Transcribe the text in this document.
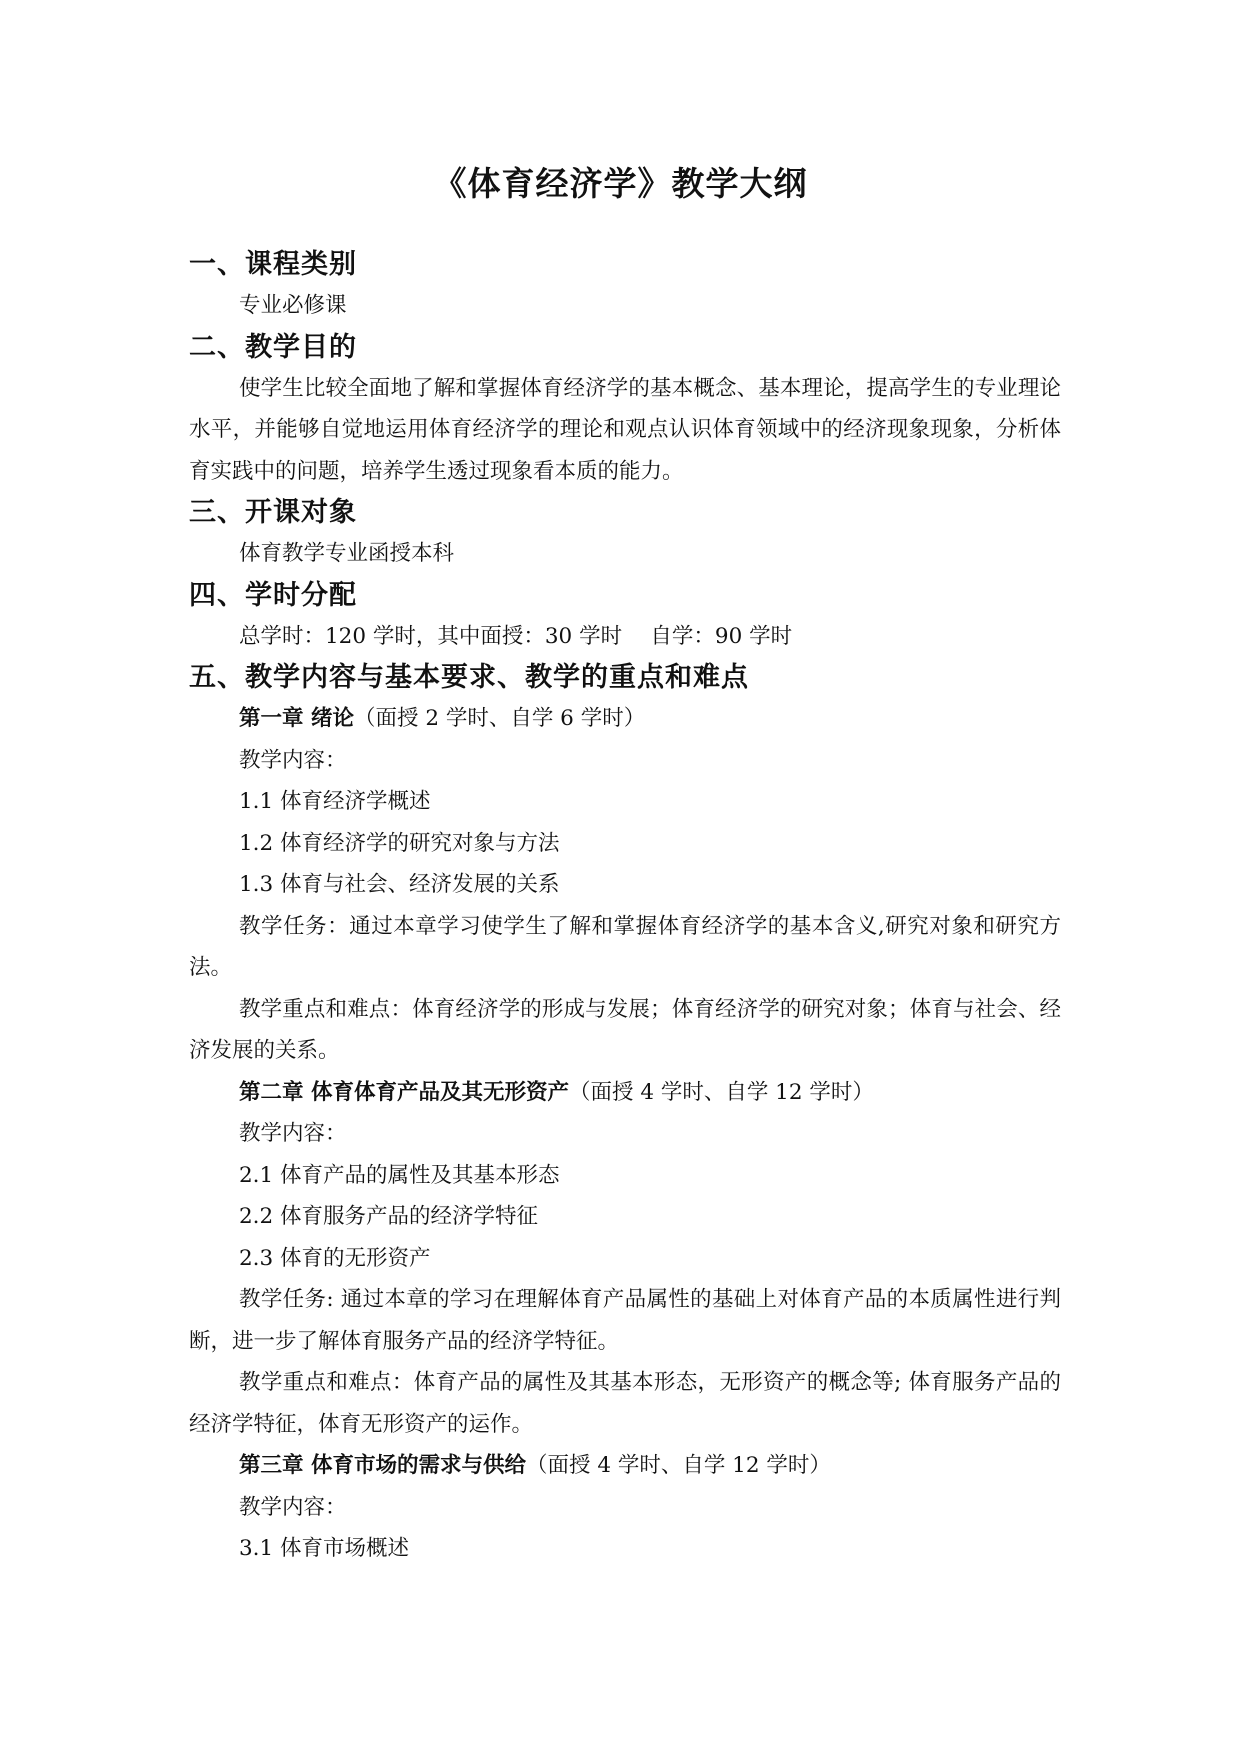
《体育经济学》教学大纲
一、课程类别

专业必修课

二、教学目的

使学生比较全面地了解和掌握体育经济学的基本概念、基本理论，提高学生的专业理论水平，并能够自觉地运用体育经济学的理论和观点认识体育领域中的经济现象现象，分析体育实践中的问题，培养学生透过现象看本质的能力。

三、开课对象

体育教学专业函授本科

四、学时分配

总学时：120 学时，其中面授：30 学时　 自学：90 学时

五、教学内容与基本要求、教学的重点和难点

第一章 绪论（面授 2 学时、自学 6 学时）

教学内容：

1.1 体育经济学概述

1.2 体育经济学的研究对象与方法

1.3 体育与社会、经济发展的关系

教学任务：通过本章学习使学生了解和掌握体育经济学的基本含义,研究对象和研究方法。

教学重点和难点：体育经济学的形成与发展；体育经济学的研究对象；体育与社会、经济发展的关系。

第二章 体育体育产品及其无形资产（面授 4 学时、自学 12 学时）

教学内容：

2.1 体育产品的属性及其基本形态

2.2 体育服务产品的经济学特征

2.3 体育的无形资产

教学任务: 通过本章的学习在理解体育产品属性的基础上对体育产品的本质属性进行判断，进一步了解体育服务产品的经济学特征。

教学重点和难点：体育产品的属性及其基本形态，无形资产的概念等; 体育服务产品的经济学特征，体育无形资产的运作。

第三章 体育市场的需求与供给（面授 4 学时、自学 12 学时）

教学内容：

3.1 体育市场概述
